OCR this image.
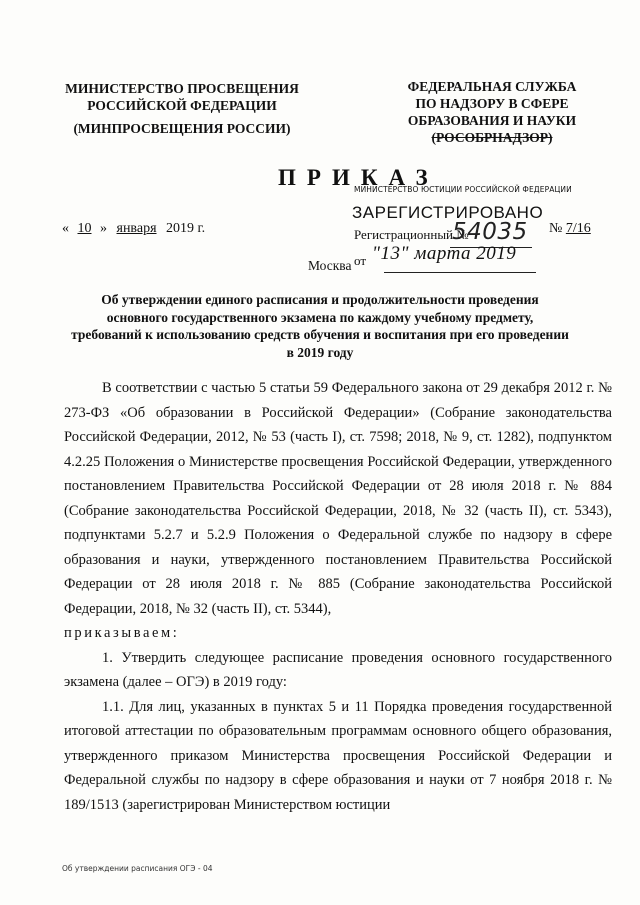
МИНИСТЕРСТВО ПРОСВЕЩЕНИЯ
РОССИЙСКОЙ ФЕДЕРАЦИИ
(МИНПРОСВЕЩЕНИЯ РОССИИ)
ФЕДЕРАЛЬНАЯ СЛУЖБА
ПО НАДЗОРУ В СФЕРЕ
ОБРАЗОВАНИЯ И НАУКИ
(РОСОБРНАДЗОР)
ПРИКАЗ
МИНИСТЕРСТВО ЮСТИЦИИ РОССИЙСКОЙ ФЕДЕРАЦИИ
ЗАРЕГИСТРИРОВАНО
Регистрационный №
54035
от "13" марта 2019
« 10 » января 2019 г.	№ 7/16
Москва
Об утверждении единого расписания и продолжительности проведения основного государственного экзамена по каждому учебному предмету, требований к использованию средств обучения и воспитания при его проведении в 2019 году

В соответствии с частью 5 статьи 59 Федерального закона от 29 декабря 2012 г. № 273-ФЗ «Об образовании в Российской Федерации» (Собрание законодательства Российской Федерации, 2012, № 53 (часть I), ст. 7598; 2018, № 9, ст. 1282), подпунктом 4.2.25 Положения о Министерстве просвещения Российской Федерации, утвержденного постановлением Правительства Российской Федерации от 28 июля 2018 г. № 884 (Собрание законодательства Российской Федерации, 2018, № 32 (часть II), ст. 5343), подпунктами 5.2.7 и 5.2.9 Положения о Федеральной службе по надзору в сфере образования и науки, утвержденного постановлением Правительства Российской Федерации от 28 июля 2018 г. № 885 (Собрание законодательства Российской Федерации, 2018, № 32 (часть II), ст. 5344),

приказываем:

1. Утвердить следующее расписание проведения основного государственного экзамена (далее – ОГЭ) в 2019 году:

1.1. Для лиц, указанных в пунктах 5 и 11 Порядка проведения государственной итоговой аттестации по образовательным программам основного общего образования, утвержденного приказом Министерства просвещения Российской Федерации и Федеральной службы по надзору в сфере образования и науки от 7 ноября 2018 г. № 189/1513 (зарегистрирован Министерством юстиции

Об утверждении расписания ОГЭ - 04
